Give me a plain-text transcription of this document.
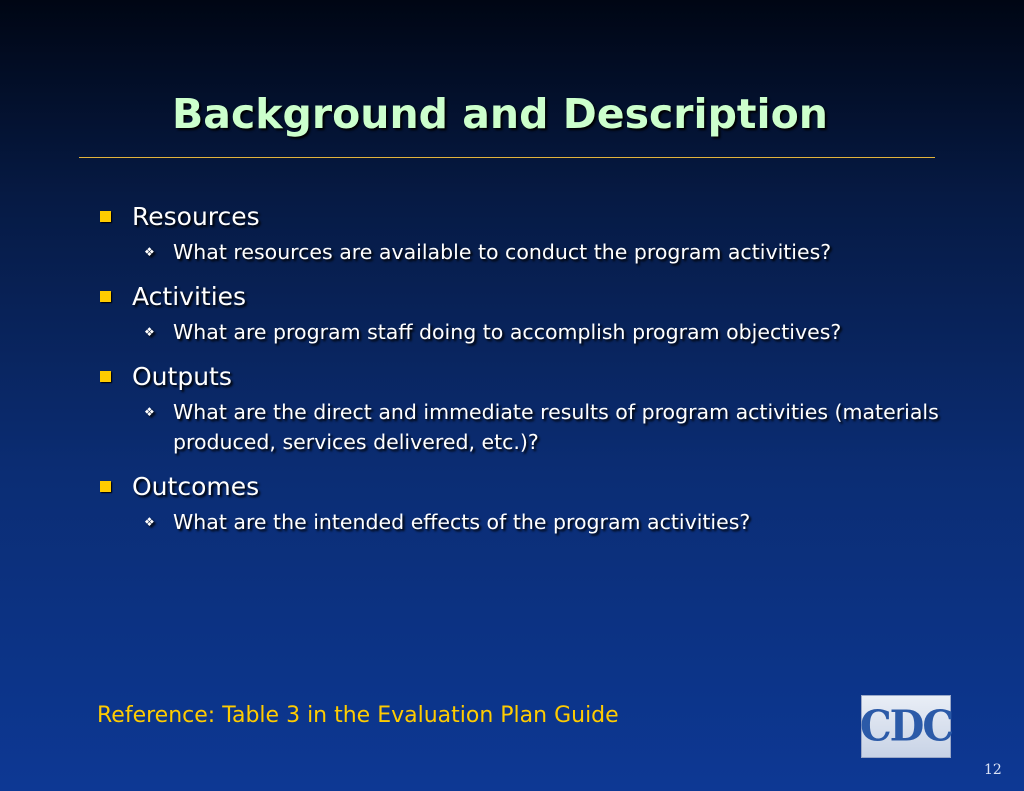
Background and Description
Resources
❖ What resources are available to conduct the program activities?
Activities
❖ What are program staff doing to accomplish program objectives?
Outputs
❖ What are the direct and immediate results of program activities (materials produced, services delivered, etc.)?
Outcomes
❖ What are the intended effects of the program activities?

Reference: Table 3 in the Evaluation Plan Guide	CDC

12
